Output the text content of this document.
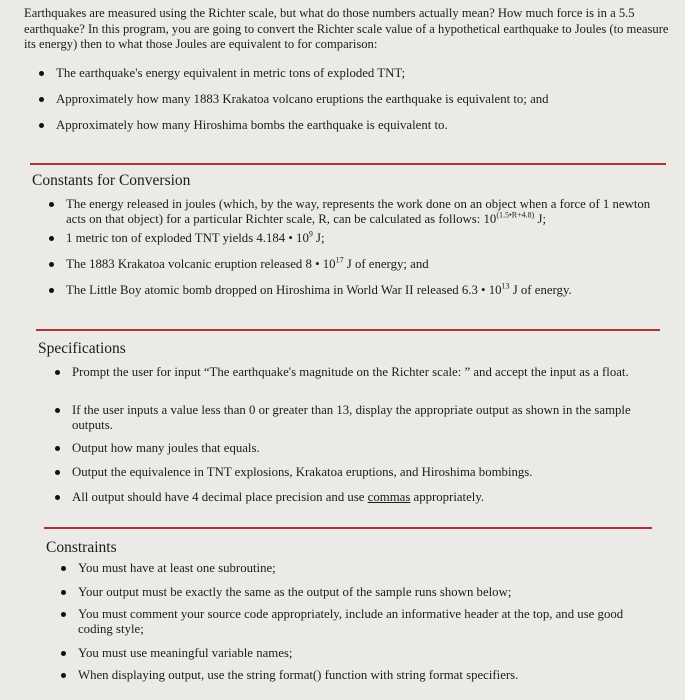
Earthquakes are measured using the Richter scale, but what do those numbers actually mean? How much force is in a 5.5 earthquake? In this program, you are going to convert the Richter scale value of a hypothetical earthquake to Joules (to measure its energy) then to what those Joules are equivalent to for comparison:

The earthquake's energy equivalent in metric tons of exploded TNT;
Approximately how many 1883 Krakatoa volcano eruptions the earthquake is equivalent to; and
Approximately how many Hiroshima bombs the earthquake is equivalent to.
Constants for Conversion
The energy released in joules (which, by the way, represents the work done on an object when a force of 1 newton acts on that object) for a particular Richter scale, R, can be calculated as follows: $10^{(1.5•R+4.8)}$ J;
1 metric ton of exploded TNT yields 4.184 • $10^9$ J;
The 1883 Krakatoa volcanic eruption released 8 • $10^{17}$ J of energy; and
The Little Boy atomic bomb dropped on Hiroshima in World War II released 6.3 • $10^{13}$ J of energy.
Specifications
Prompt the user for input “The earthquake's magnitude on the Richter scale: ” and accept the input as a float.
If the user inputs a value less than 0 or greater than 13, display the appropriate output as shown in the sample outputs.
Output how many joules that equals.
Output the equivalence in TNT explosions, Krakatoa eruptions, and Hiroshima bombings.
All output should have 4 decimal place precision and use commas appropriately.
Constraints
You must have at least one subroutine;
Your output must be exactly the same as the output of the sample runs shown below;
You must comment your source code appropriately, include an informative header at the top, and use good coding style;
You must use meaningful variable names;
When displaying output, use the string format() function with string format specifiers.
